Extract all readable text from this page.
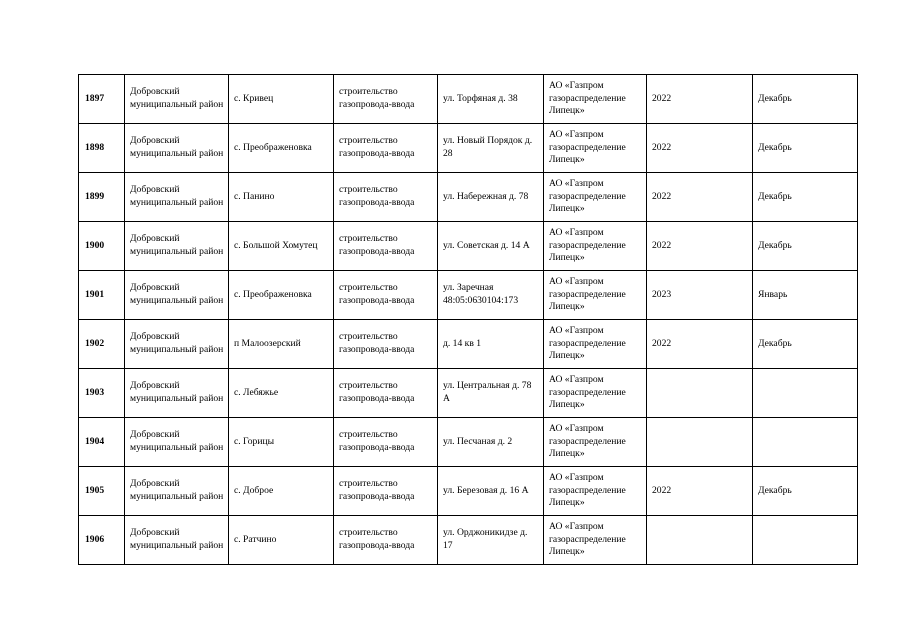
1897	Добровский муниципальный район	с. Кривец	строительство газопровода-ввода	ул. Торфяная д. 38	АО «Газпром газораспределение Липецк»	2022	Декабрь
1898	Добровский муниципальный район	с. Преображеновка	строительство газопровода-ввода	ул. Новый Порядок д. 28	АО «Газпром газораспределение Липецк»	2022	Декабрь
1899	Добровский муниципальный район	с. Панино	строительство газопровода-ввода	ул. Набережная д. 78	АО «Газпром газораспределение Липецк»	2022	Декабрь
1900	Добровский муниципальный район	с. Большой Хомутец	строительство газопровода-ввода	ул. Советская д. 14 А	АО «Газпром газораспределение Липецк»	2022	Декабрь
1901	Добровский муниципальный район	с. Преображеновка	строительство газопровода-ввода	ул. Заречная 48:05:0630104:173	АО «Газпром газораспределение Липецк»	2023	Январь
1902	Добровский муниципальный район	п Малоозерский	строительство газопровода-ввода	д. 14 кв 1	АО «Газпром газораспределение Липецк»	2022	Декабрь
1903	Добровский муниципальный район	с. Лебяжье	строительство газопровода-ввода	ул. Центральная д. 78 А	АО «Газпром газораспределение Липецк»		
1904	Добровский муниципальный район	с. Горицы	строительство газопровода-ввода	ул. Песчаная д. 2	АО «Газпром газораспределение Липецк»		
1905	Добровский муниципальный район	с. Доброе	строительство газопровода-ввода	ул. Березовая д. 16 А	АО «Газпром газораспределение Липецк»	2022	Декабрь
1906	Добровский муниципальный район	с. Ратчино	строительство газопровода-ввода	ул. Орджоникидзе д. 17	АО «Газпром газораспределение Липецк»		
